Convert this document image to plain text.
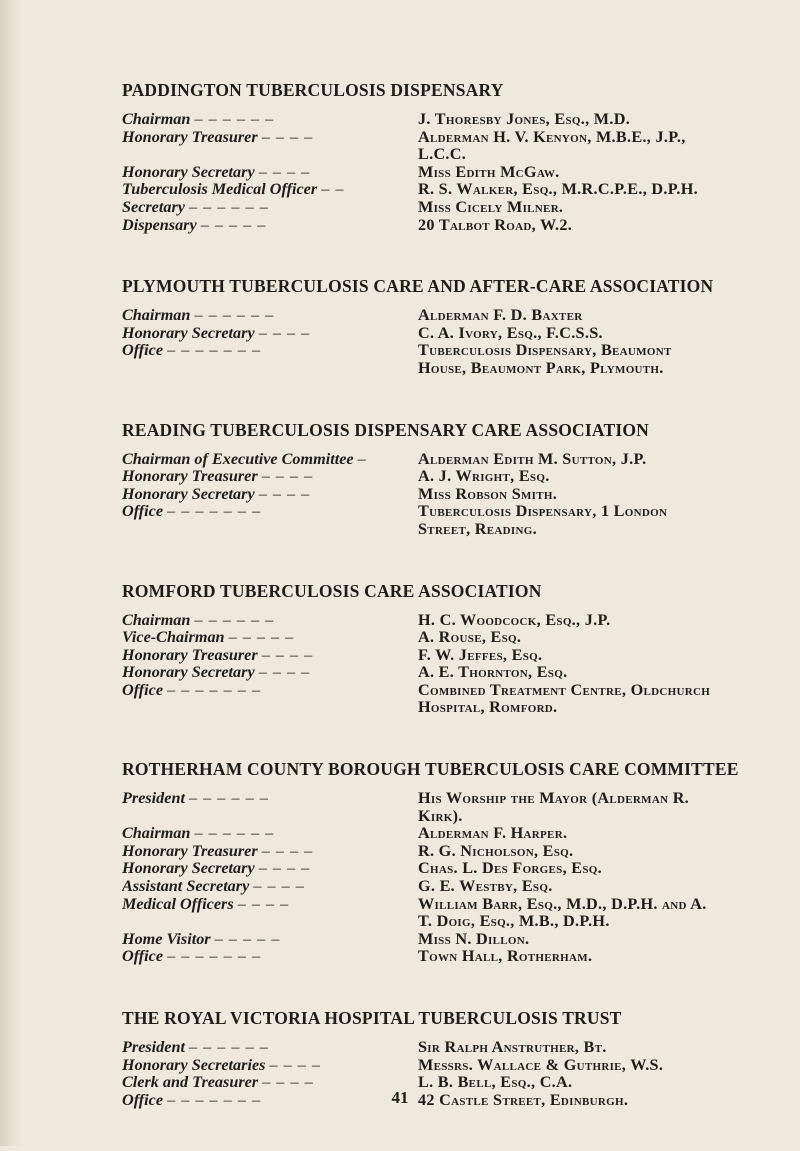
PADDINGTON TUBERCULOSIS DISPENSARY
Chairman – – – – – –	J. Thoresby Jones, Esq., M.D.
Honorary Treasurer – – – –	Alderman H. V. Kenyon, M.B.E., J.P., L.C.C.
Honorary Secretary – – – –	Miss Edith McGaw.
Tuberculosis Medical Officer – –	R. S. Walker, Esq., M.R.C.P.E., D.P.H.
Secretary – – – – – –	Miss Cicely Milner.
Dispensary – – – – –	20 Talbot Road, W.2.
PLYMOUTH TUBERCULOSIS CARE AND AFTER-CARE ASSOCIATION
Chairman – – – – – –	Alderman F. D. Baxter
Honorary Secretary – – – –	C. A. Ivory, Esq., F.C.S.S.
Office – – – – – – –	Tuberculosis Dispensary, Beaumont House, Beaumont Park, Plymouth.
READING TUBERCULOSIS DISPENSARY CARE ASSOCIATION
Chairman of Executive Committee –	Alderman Edith M. Sutton, J.P.
Honorary Treasurer – – – –	A. J. Wright, Esq.
Honorary Secretary – – – –	Miss Robson Smith.
Office – – – – – – –	Tuberculosis Dispensary, 1 London Street, Reading.
ROMFORD TUBERCULOSIS CARE ASSOCIATION
Chairman – – – – – –	H. C. Woodcock, Esq., J.P.
Vice-Chairman – – – – –	A. Rouse, Esq.
Honorary Treasurer – – – –	F. W. Jeffes, Esq.
Honorary Secretary – – – –	A. E. Thornton, Esq.
Office – – – – – – –	Combined Treatment Centre, Oldchurch Hospital, Romford.
ROTHERHAM COUNTY BOROUGH TUBERCULOSIS CARE COMMITTEE
President – – – – – –	His Worship the Mayor (Alderman R. Kirk).
Chairman – – – – – –	Alderman F. Harper.
Honorary Treasurer – – – –	R. G. Nicholson, Esq.
Honorary Secretary – – – –	Chas. L. Des Forges, Esq.
Assistant Secretary – – – –	G. E. Westby, Esq.
Medical Officers – – – –	William Barr, Esq., M.D., D.P.H. and A. T. Doig, Esq., M.B., D.P.H.
Home Visitor – – – – –	Miss N. Dillon.
Office – – – – – – –	Town Hall, Rotherham.
THE ROYAL VICTORIA HOSPITAL TUBERCULOSIS TRUST
President – – – – – –	Sir Ralph Anstruther, Bt.
Honorary Secretaries – – – –	Messrs. Wallace & Guthrie, W.S.
Clerk and Treasurer – – – –	L. B. Bell, Esq., C.A.
Office – – – – – – –	42 Castle Street, Edinburgh.
41
